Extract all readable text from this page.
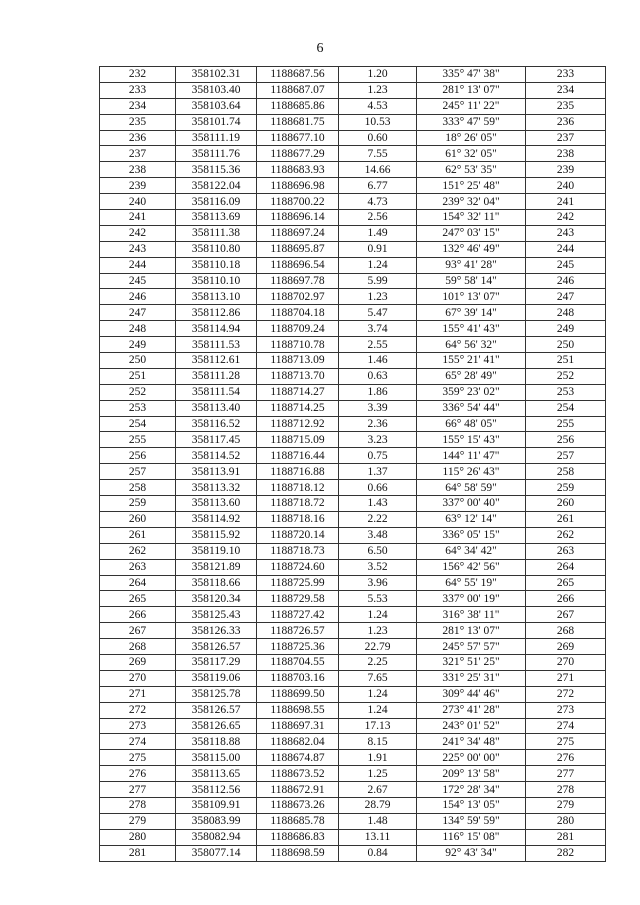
6
232	358102.31	1188687.56	1.20	335° 47' 38"	233
233	358103.40	1188687.07	1.23	281° 13' 07"	234
234	358103.64	1188685.86	4.53	245° 11' 22"	235
235	358101.74	1188681.75	10.53	333° 47' 59"	236
236	358111.19	1188677.10	0.60	18° 26' 05"	237
237	358111.76	1188677.29	7.55	61° 32' 05"	238
238	358115.36	1188683.93	14.66	62° 53' 35"	239
239	358122.04	1188696.98	6.77	151° 25' 48"	240
240	358116.09	1188700.22	4.73	239° 32' 04"	241
241	358113.69	1188696.14	2.56	154° 32' 11"	242
242	358111.38	1188697.24	1.49	247° 03' 15"	243
243	358110.80	1188695.87	0.91	132° 46' 49"	244
244	358110.18	1188696.54	1.24	93° 41' 28"	245
245	358110.10	1188697.78	5.99	59° 58' 14"	246
246	358113.10	1188702.97	1.23	101° 13' 07"	247
247	358112.86	1188704.18	5.47	67° 39' 14"	248
248	358114.94	1188709.24	3.74	155° 41' 43"	249
249	358111.53	1188710.78	2.55	64° 56' 32"	250
250	358112.61	1188713.09	1.46	155° 21' 41"	251
251	358111.28	1188713.70	0.63	65° 28' 49"	252
252	358111.54	1188714.27	1.86	359° 23' 02"	253
253	358113.40	1188714.25	3.39	336° 54' 44"	254
254	358116.52	1188712.92	2.36	66° 48' 05"	255
255	358117.45	1188715.09	3.23	155° 15' 43"	256
256	358114.52	1188716.44	0.75	144° 11' 47"	257
257	358113.91	1188716.88	1.37	115° 26' 43"	258
258	358113.32	1188718.12	0.66	64° 58' 59"	259
259	358113.60	1188718.72	1.43	337° 00' 40"	260
260	358114.92	1188718.16	2.22	63° 12' 14"	261
261	358115.92	1188720.14	3.48	336° 05' 15"	262
262	358119.10	1188718.73	6.50	64° 34' 42"	263
263	358121.89	1188724.60	3.52	156° 42' 56"	264
264	358118.66	1188725.99	3.96	64° 55' 19"	265
265	358120.34	1188729.58	5.53	337° 00' 19"	266
266	358125.43	1188727.42	1.24	316° 38' 11"	267
267	358126.33	1188726.57	1.23	281° 13' 07"	268
268	358126.57	1188725.36	22.79	245° 57' 57"	269
269	358117.29	1188704.55	2.25	321° 51' 25"	270
270	358119.06	1188703.16	7.65	331° 25' 31"	271
271	358125.78	1188699.50	1.24	309° 44' 46"	272
272	358126.57	1188698.55	1.24	273° 41' 28"	273
273	358126.65	1188697.31	17.13	243° 01' 52"	274
274	358118.88	1188682.04	8.15	241° 34' 48"	275
275	358115.00	1188674.87	1.91	225° 00' 00"	276
276	358113.65	1188673.52	1.25	209° 13' 58"	277
277	358112.56	1188672.91	2.67	172° 28' 34"	278
278	358109.91	1188673.26	28.79	154° 13' 05"	279
279	358083.99	1188685.78	1.48	134° 59' 59"	280
280	358082.94	1188686.83	13.11	116° 15' 08"	281
281	358077.14	1188698.59	0.84	92° 43' 34"	282
